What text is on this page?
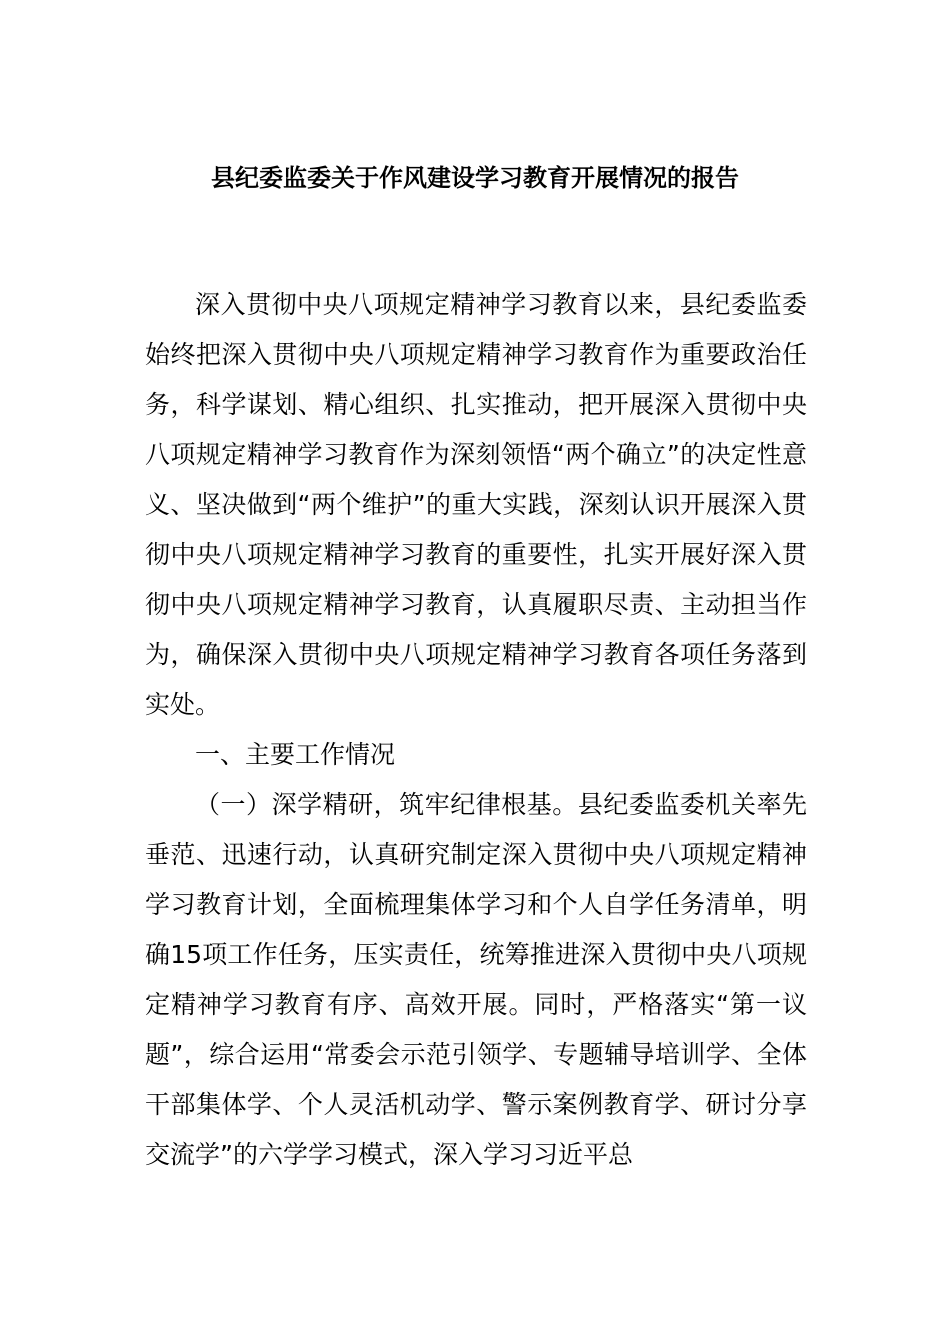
县纪委监委关于作风建设学习教育开展情况的报告

深入贯彻中央八项规定精神学习教育以来，县纪委监委始终把深入贯彻中央八项规定精神学习教育作为重要政治任务，科学谋划、精心组织、扎实推动，把开展深入贯彻中央八项规定精神学习教育作为深刻领悟“两个确立”的决定性意义、坚决做到“两个维护”的重大实践，深刻认识开展深入贯彻中央八项规定精神学习教育的重要性，扎实开展好深入贯彻中央八项规定精神学习教育，认真履职尽责、主动担当作为，确保深入贯彻中央八项规定精神学习教育各项任务落到实处。

一、主要工作情况

（一）深学精研，筑牢纪律根基。县纪委监委机关率先垂范、迅速行动，认真研究制定深入贯彻中央八项规定精神学习教育计划，全面梳理集体学习和个人自学任务清单，明确15项工作任务，压实责任，统筹推进深入贯彻中央八项规定精神学习教育有序、高效开展。同时，严格落实“第一议题”，综合运用“常委会示范引领学、专题辅导培训学、全体干部集体学、个人灵活机动学、警示案例教育学、研讨分享交流学”的六学学习模式，深入学习习近平总
